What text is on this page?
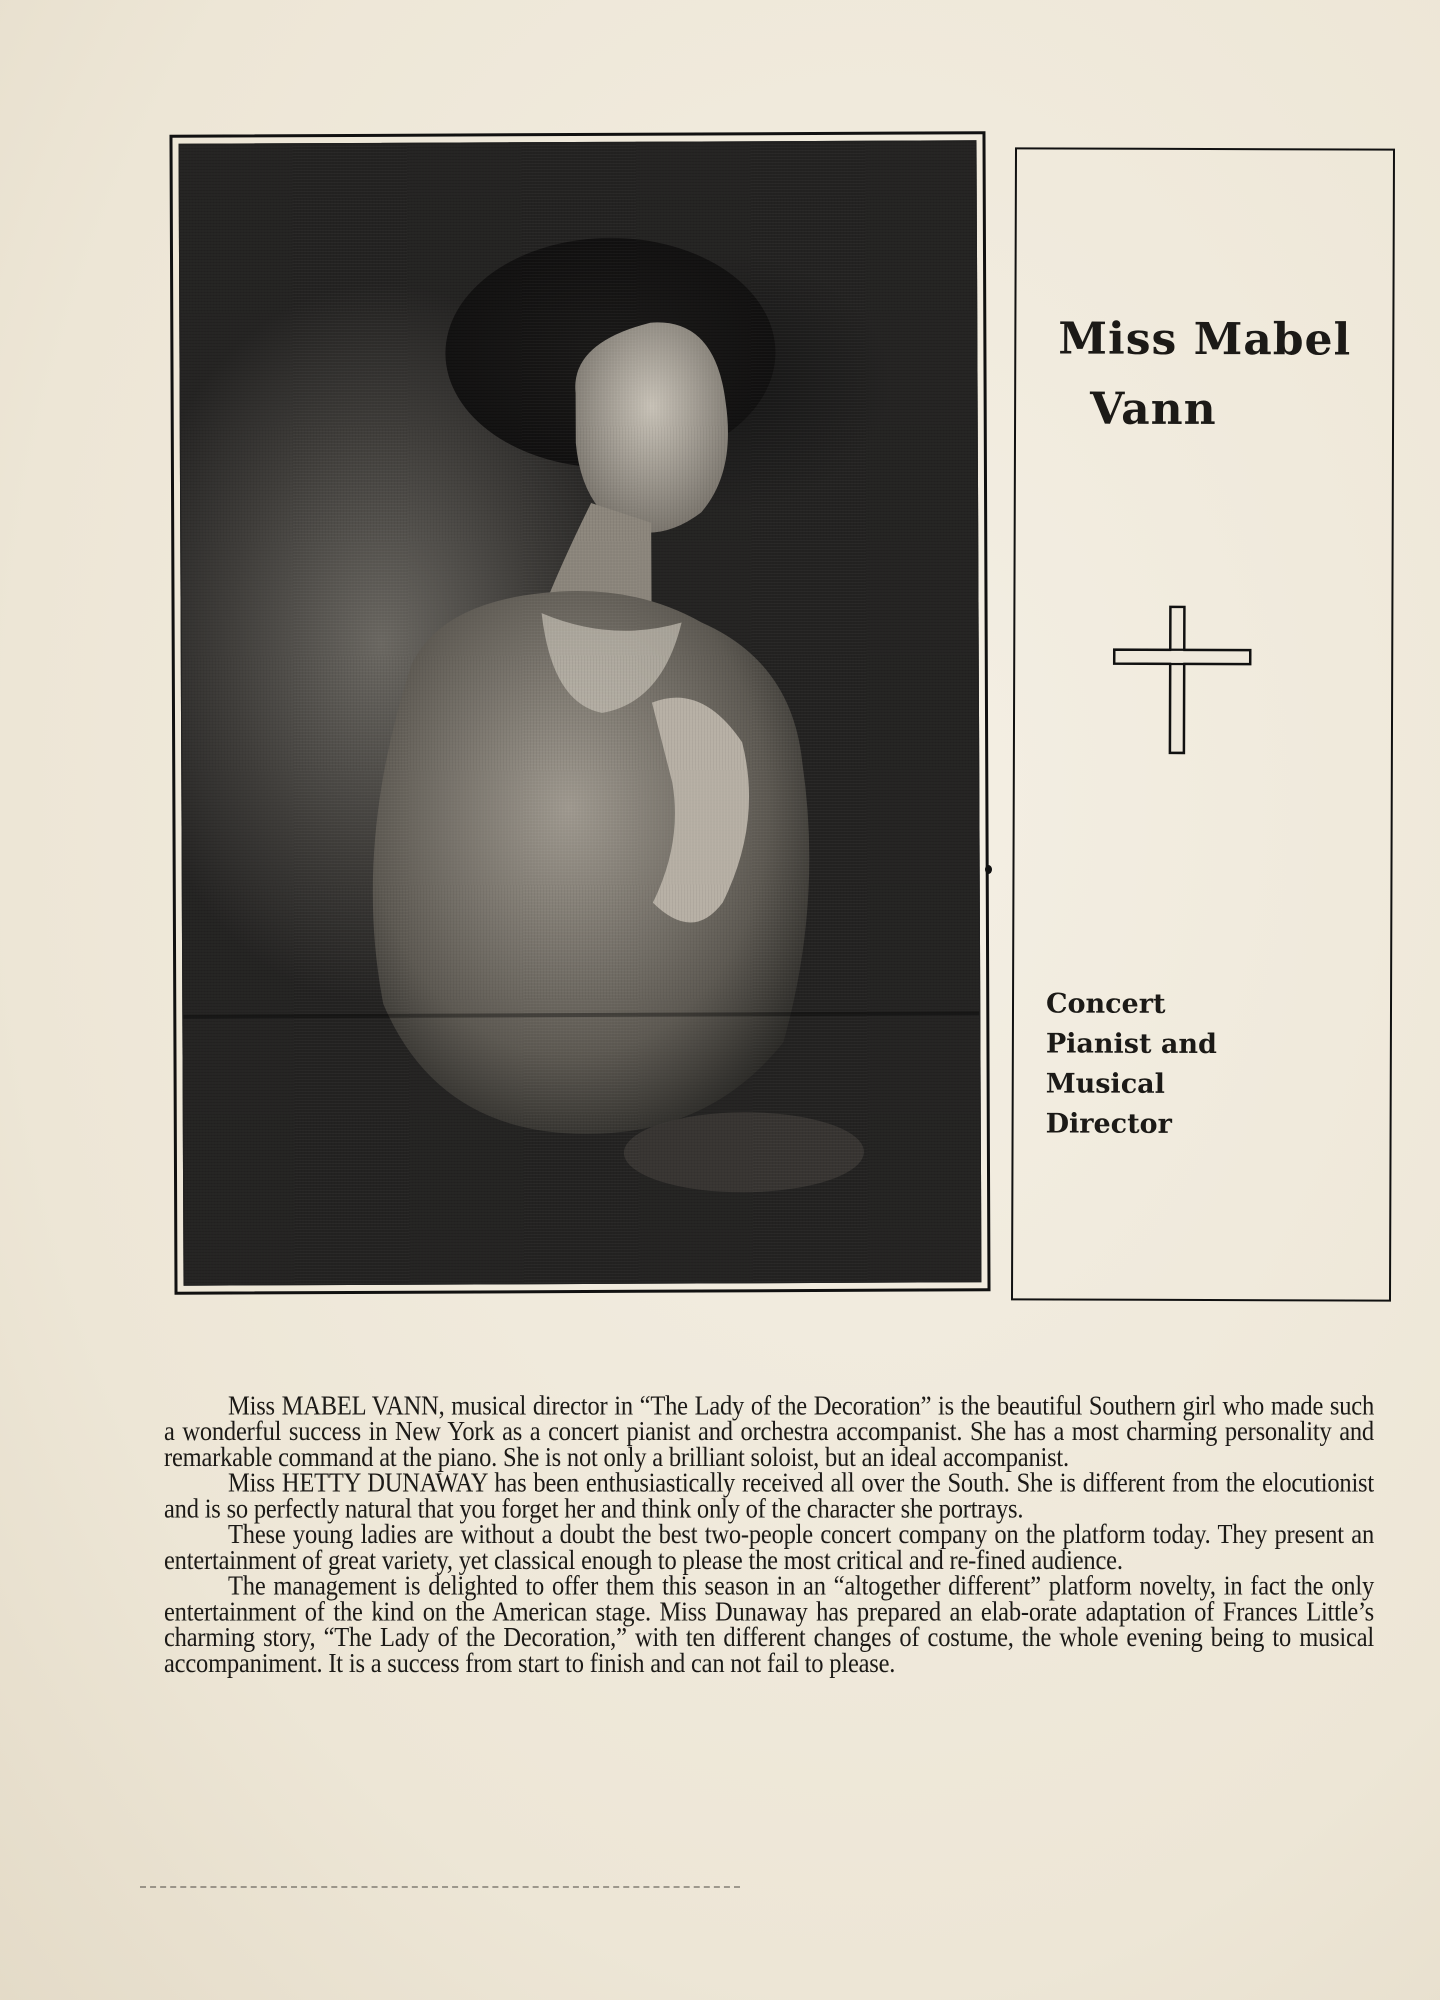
Miss Mabel
Vann
Concert
Pianist and
Musical
Director

Miss MABEL VANN, musical director in “The Lady of the Decoration” is the beautiful Southern girl who made such a wonderful success in New York as a concert pianist and orchestra accompanist. She has a most charming personality and remarkable command at the piano. She is not only a brilliant soloist, but an ideal accompanist.

Miss HETTY DUNAWAY has been enthusiastically received all over the South. She is different from the elocutionist and is so perfectly natural that you forget her and think only of the character she portrays.

These young ladies are without a doubt the best two-people concert company on the platform today. They present an entertainment of great variety, yet classical enough to please the most critical and re-fined audience.

The management is delighted to offer them this season in an “altogether different” platform novelty, in fact the only entertainment of the kind on the American stage. Miss Dunaway has prepared an elab-orate adaptation of Frances Little’s charming story, “The Lady of the Decoration,” with ten different changes of costume, the whole evening being to musical accompaniment. It is a success from start to finish and can not fail to please.
